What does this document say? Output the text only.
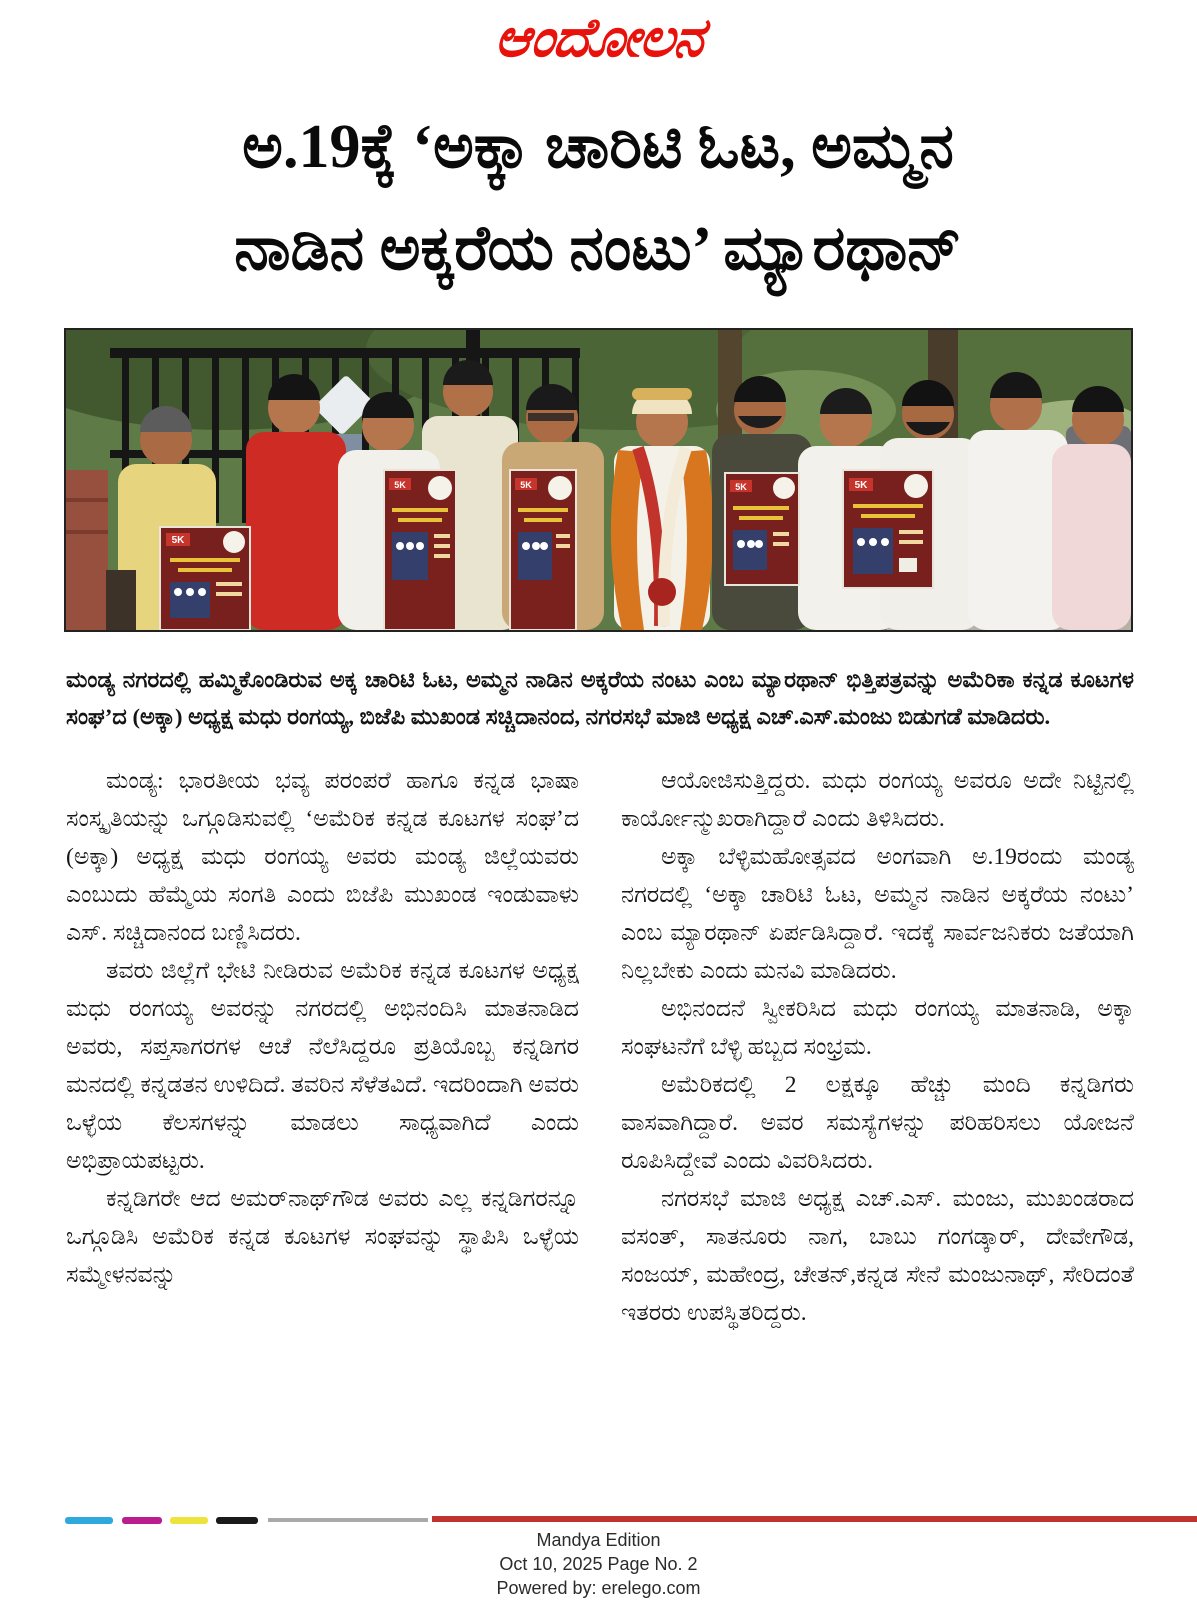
ಆಂದೋಲನ
ಅ.19ಕ್ಕೆ ‘ಅಕ್ಕಾ ಚಾರಿಟಿ ಓಟ, ಅಮ್ಮನ
ನಾಡಿನ ಅಕ್ಕರೆಯ ನಂಟು’ ಮ್ಯಾರಥಾನ್
5K
5K	5K	5K	5K

ಮಂಡ್ಯ ನಗರದಲ್ಲಿ ಹಮ್ಮಿಕೊಂಡಿರುವ ಅಕ್ಕ ಚಾರಿಟಿ ಓಟ, ಅಮ್ಮನ ನಾಡಿನ ಅಕ್ಕರೆಯ ನಂಟು ಎಂಬ ಮ್ಯಾರಥಾನ್ ಭಿತ್ತಿಪತ್ರವನ್ನು ಅಮೆರಿಕಾ ಕನ್ನಡ ಕೂಟಗಳ ಸಂಘ’ದ (ಅಕ್ಕಾ) ಅಧ್ಯಕ್ಷ ಮಧು ರಂಗಯ್ಯ, ಬಿಜೆಪಿ ಮುಖಂಡ ಸಚ್ಚಿದಾನಂದ, ನಗರಸಭೆ ಮಾಜಿ ಅಧ್ಯಕ್ಷ ಎಚ್.ಎಸ್.ಮಂಜು ಬಿಡುಗಡೆ ಮಾಡಿದರು.

ಮಂಡ್ಯ: ಭಾರತೀಯ ಭವ್ಯ ಪರಂಪರೆ ಹಾಗೂ ಕನ್ನಡ ಭಾಷಾ ಸಂಸ್ಕೃತಿಯನ್ನು ಒಗ್ಗೂಡಿಸುವಲ್ಲಿ ‘ಅಮೆರಿಕ ಕನ್ನಡ ಕೂಟಗಳ ಸಂಘ’ದ (ಅಕ್ಕಾ) ಅಧ್ಯಕ್ಷ ಮಧು ರಂಗಯ್ಯ ಅವರು ಮಂಡ್ಯ ಜಿಲ್ಲೆಯವರು ಎಂಬುದು ಹೆಮ್ಮೆಯ ಸಂಗತಿ ಎಂದು ಬಿಜೆಪಿ ಮುಖಂಡ ಇಂಡುವಾಳು ಎಸ್. ಸಚ್ಚಿದಾನಂದ ಬಣ್ಣಿಸಿದರು.

ತವರು ಜಿಲ್ಲೆಗೆ ಭೇಟಿ ನೀಡಿರುವ ಅಮೆರಿಕ ಕನ್ನಡ ಕೂಟಗಳ ಅಧ್ಯಕ್ಷ ಮಧು ರಂಗಯ್ಯ ಅವರನ್ನು ನಗರದಲ್ಲಿ ಅಭಿನಂದಿಸಿ ಮಾತನಾಡಿದ ಅವರು, ಸಪ್ತಸಾಗರಗಳ ಆಚೆ ನೆಲೆಸಿದ್ದರೂ ಪ್ರತಿಯೊಬ್ಬ ಕನ್ನಡಿಗರ ಮನದಲ್ಲಿ ಕನ್ನಡತನ ಉಳಿದಿದೆ. ತವರಿನ ಸೆಳೆತವಿದೆ. ಇದರಿಂದಾಗಿ ಅವರು ಒಳ್ಳೆಯ ಕೆಲಸಗಳನ್ನು ಮಾಡಲು ಸಾಧ್ಯವಾಗಿದೆ ಎಂದು ಅಭಿಪ್ರಾಯಪಟ್ಟರು.

ಕನ್ನಡಿಗರೇ ಆದ ಅಮರ್‌ನಾಥ್‌ಗೌಡ ಅವರು ಎಲ್ಲ ಕನ್ನಡಿಗರನ್ನೂ ಒಗ್ಗೂಡಿಸಿ ಅಮೆರಿಕ ಕನ್ನಡ ಕೂಟಗಳ ಸಂಘವನ್ನು ಸ್ಥಾಪಿಸಿ ಒಳ್ಳೆಯ ಸಮ್ಮೇಳನವನ್ನು

ಆಯೋಜಿಸುತ್ತಿದ್ದರು. ಮಧು ರಂಗಯ್ಯ ಅವರೂ ಅದೇ ನಿಟ್ಟಿನಲ್ಲಿ ಕಾರ್ಯೋನ್ಮುಖರಾಗಿದ್ದಾರೆ ಎಂದು ತಿಳಿಸಿದರು.

ಅಕ್ಕಾ ಬೆಳ್ಳಿಮಹೋತ್ಸವದ ಅಂಗವಾಗಿ ಅ.19ರಂದು ಮಂಡ್ಯ ನಗರದಲ್ಲಿ ‘ಅಕ್ಕಾ ಚಾರಿಟಿ ಓಟ, ಅಮ್ಮನ ನಾಡಿನ ಅಕ್ಕರೆಯ ನಂಟು’ ಎಂಬ ಮ್ಯಾರಥಾನ್ ಏರ್ಪಡಿಸಿದ್ದಾರೆ. ಇದಕ್ಕೆ ಸಾರ್ವಜನಿಕರು ಜತೆಯಾಗಿ ನಿಲ್ಲಬೇಕು ಎಂದು ಮನವಿ ಮಾಡಿದರು.

ಅಭಿನಂದನೆ ಸ್ವೀಕರಿಸಿದ ಮಧು ರಂಗಯ್ಯ ಮಾತನಾಡಿ, ಅಕ್ಕಾ ಸಂಘಟನೆಗೆ ಬೆಳ್ಳಿ ಹಬ್ಬದ ಸಂಭ್ರಮ.

ಅಮೆರಿಕದಲ್ಲಿ 2 ಲಕ್ಷಕ್ಕೂ ಹೆಚ್ಚು ಮಂದಿ ಕನ್ನಡಿಗರು ವಾಸವಾಗಿದ್ದಾರೆ. ಅವರ ಸಮಸ್ಯೆಗಳನ್ನು ಪರಿಹರಿಸಲು ಯೋಜನೆ ರೂಪಿಸಿದ್ದೇವೆ ಎಂದು ವಿವರಿಸಿದರು.

ನಗರಸಭೆ ಮಾಜಿ ಅಧ್ಯಕ್ಷ ಎಚ್.ಎಸ್. ಮಂಜು, ಮುಖಂಡರಾದ ವಸಂತ್, ಸಾತನೂರು ನಾಗ, ಬಾಬು ಗಂಗಡ್ಕಾರ್, ದೇವೇಗೌಡ, ಸಂಜಯ್, ಮಹೇಂದ್ರ, ಚೇತನ್,ಕನ್ನಡ ಸೇನೆ ಮಂಜುನಾಥ್, ಸೇರಿದಂತೆ ಇತರರು ಉಪಸ್ಥಿತರಿದ್ದರು.

Mandya Edition
Oct 10, 2025 Page No. 2
Powered by: erelego.com
